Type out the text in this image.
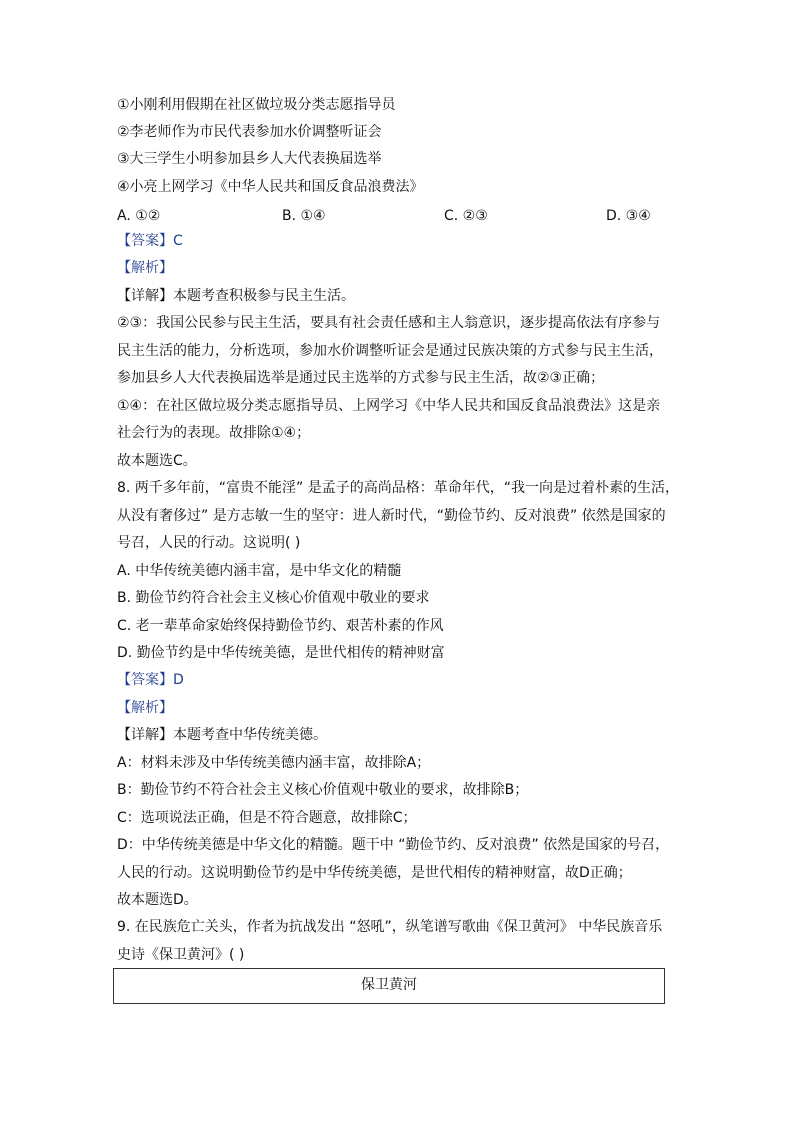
①小刚利用假期在社区做垃圾分类志愿指导员
②李老师作为市民代表参加水价调整听证会
③大三学生小明参加县乡人大代表换届选举
④小亮上网学习《中华人民共和国反食品浪费法》
A. ①②	B. ①④	C. ②③	D. ③④
【答案】C
【解析】
【详解】本题考查积极参与民主生活。
②③：我国公民参与民主生活，要具有社会责任感和主人翁意识，逐步提高依法有序参与
民主生活的能力，分析选项，参加水价调整听证会是通过民族决策的方式参与民主生活，
参加县乡人大代表换届选举是通过民主选举的方式参与民主生活，故②③正确；
①④：在社区做垃圾分类志愿指导员、上网学习《中华人民共和国反食品浪费法》这是亲
社会行为的表现。故排除①④；
故本题选C。
8. 两千多年前，“富贵不能淫” 是孟子的高尚品格：革命年代，“我一向是过着朴素的生活，
从没有奢侈过” 是方志敏一生的坚守：进人新时代，“勤俭节约、反对浪费” 依然是国家的
号召，人民的行动。这说明( )
A. 中华传统美德内涵丰富，是中华文化的精髓
B. 勤俭节约符合社会主义核心价值观中敬业的要求
C. 老一辈革命家始终保持勤俭节约、艰苦朴素的作风
D. 勤俭节约是中华传统美德，是世代相传的精神财富
【答案】D
【解析】
【详解】本题考查中华传统美德。
A：材料未涉及中华传统美德内涵丰富，故排除A；
B：勤俭节约不符合社会主义核心价值观中敬业的要求，故排除B；
C：选项说法正确，但是不符合题意，故排除C；
D：中华传统美德是中华文化的精髓。题干中 “勤俭节约、反对浪费” 依然是国家的号召，
人民的行动。这说明勤俭节约是中华传统美德，是世代相传的精神财富，故D正确；
故本题选D。
9. 在民族危亡关头，作者为抗战发出 “怒吼”，纵笔谱写歌曲《保卫黄河》 中华民族音乐
史诗《保卫黄河》( )
保卫黄河
